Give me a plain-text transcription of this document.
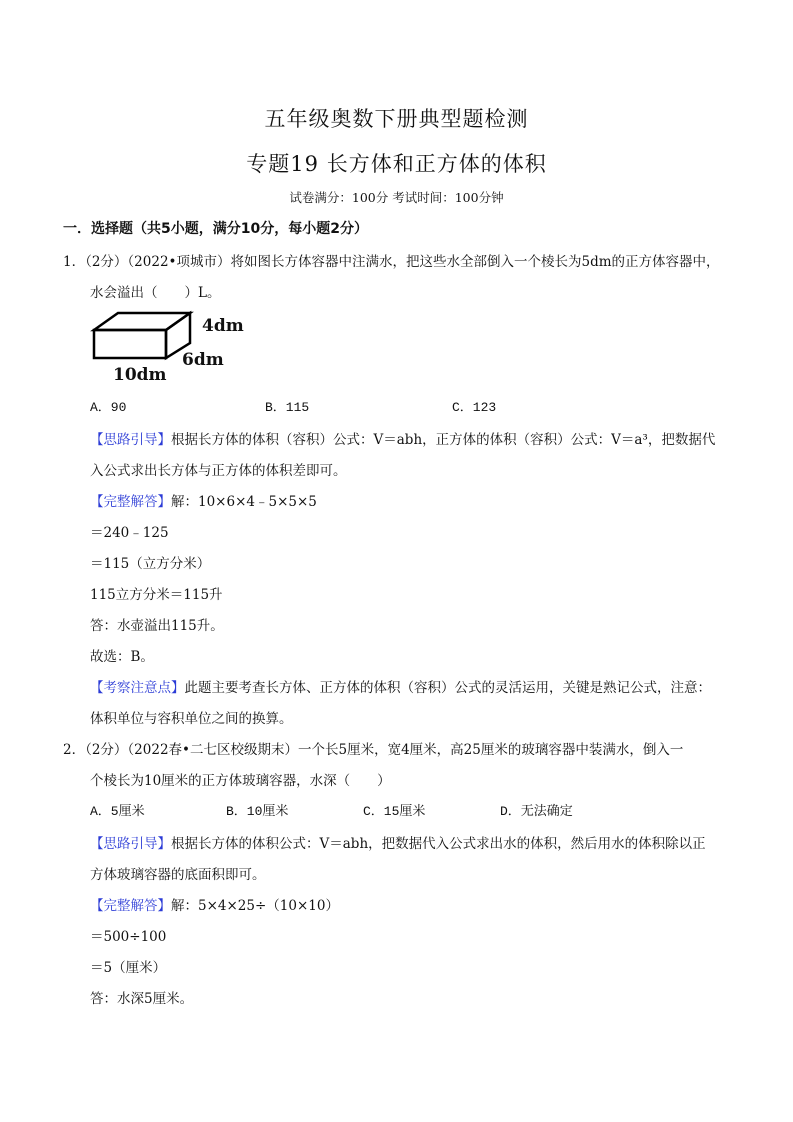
五年级奥数下册典型题检测
专题19 长方体和正方体的体积
试卷满分：100分 考试时间：100分钟
一．选择题（共5小题，满分10分，每小题2分）
1．（2分）（2022•项城市）将如图长方体容器中注满水，把这些水全部倒入一个棱长为5dm的正方体容器中，
水会溢出（　　）L。
4dm
6dm
10dm
A．90	B．115	C．123
【思路引导】根据长方体的体积（容积）公式：V＝abh，正方体的体积（容积）公式：V＝a³，把数据代
入公式求出长方体与正方体的体积差即可。
【完整解答】解：10×6×4﹣5×5×5
＝240﹣125
＝115（立方分米）
115立方分米＝115升
答：水壶溢出115升。
故选：B。
【考察注意点】此题主要考查长方体、正方体的体积（容积）公式的灵活运用，关键是熟记公式，注意：
体积单位与容积单位之间的换算。
2．（2分）（2022春•二七区校级期末）一个长5厘米，宽4厘米，高25厘米的玻璃容器中装满水，倒入一
个棱长为10厘米的正方体玻璃容器，水深（　　）
A．5厘米	B．10厘米	C．15厘米	D．无法确定
【思路引导】根据长方体的体积公式：V＝abh，把数据代入公式求出水的体积，然后用水的体积除以正
方体玻璃容器的底面积即可。
【完整解答】解：5×4×25÷（10×10）
＝500÷100
＝5（厘米）
答：水深5厘米。
